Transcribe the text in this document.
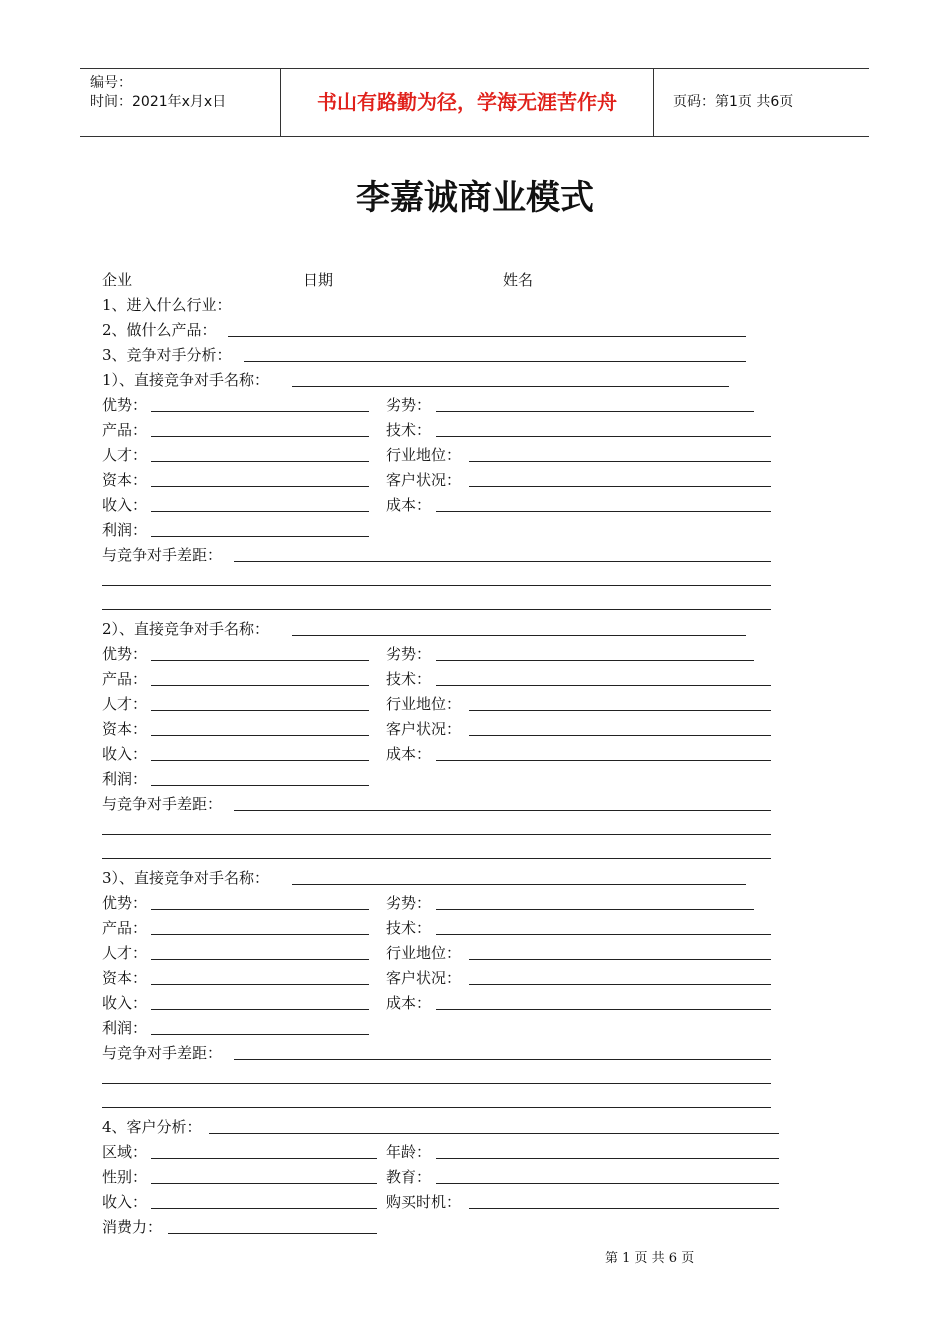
编号：
时间：2021年x月x日	书山有路勤为径，学海无涯苦作舟	页码：第1页 共6页
李嘉诚商业模式
企业	日期	姓名
1、进入什么行业：
2、做什么产品：
3、竞争对手分析：
1）、直接竞争对手名称：
优势：	劣势：
产品：	技术：
人才：	行业地位：
资本：	客户状况：
收入：	成本：
利润：
与竞争对手差距：
2）、直接竞争对手名称：
优势：	劣势：
产品：	技术：
人才：	行业地位：
资本：	客户状况：
收入：	成本：
利润：
与竞争对手差距：
3）、直接竞争对手名称：
优势：	劣势：
产品：	技术：
人才：	行业地位：
资本：	客户状况：
收入：	成本：
利润：
与竞争对手差距：
4、客户分析：
区域：	年龄：
性别：	教育：
收入：	购买时机：
消费力：
第 1 页 共 6 页
